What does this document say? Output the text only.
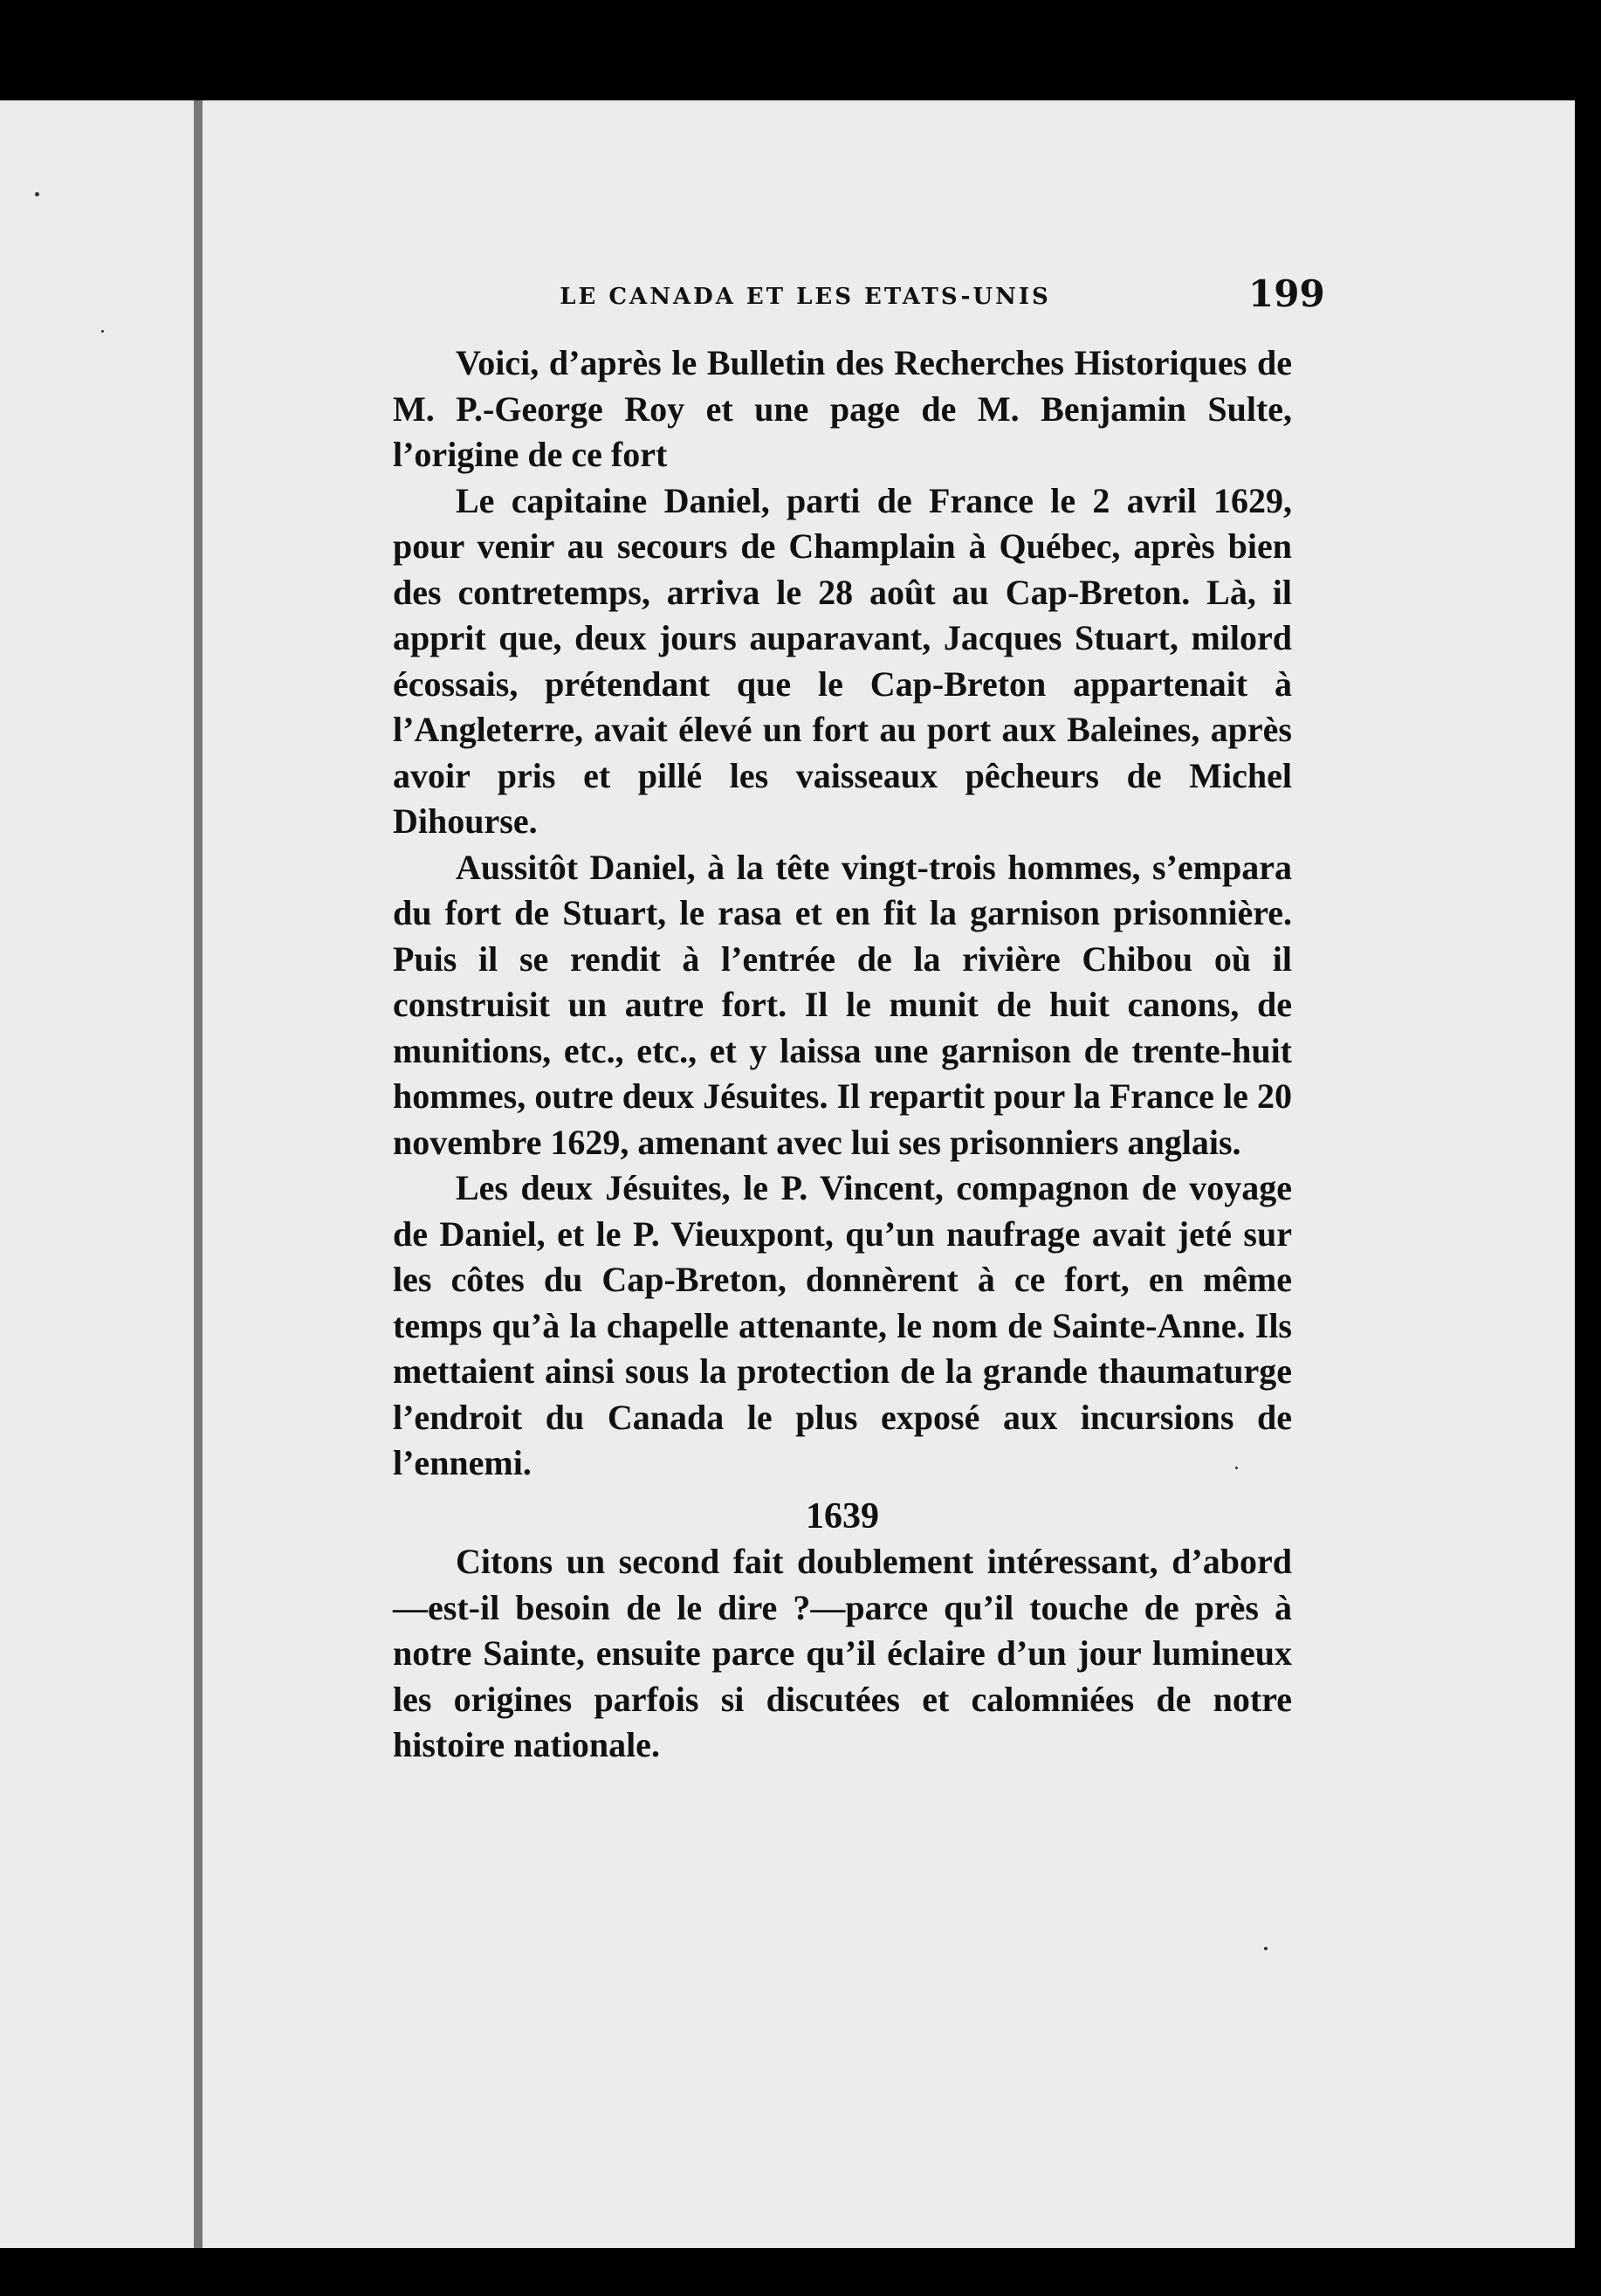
LE CANADA ET LES ETATS-UNIS	199

Voici, d’après le Bulletin des Recherches Historiques de M. P.-George Roy et une page de M. Benjamin Sulte, l’origine de ce fort

Le capitaine Daniel, parti de France le 2 avril 1629, pour venir au secours de Champlain à Québec, après bien des contretemps, arriva le 28 août au Cap-Breton. Là, il apprit que, deux jours auparavant, Jacques Stuart, milord écossais, prétendant que le Cap-Breton appartenait à l’Angleterre, avait élevé un fort au port aux Baleines, après avoir pris et pillé les vaisseaux pêcheurs de Michel Dihourse.

Aussitôt Daniel, à la tête vingt-trois hommes, s’empara du fort de Stuart, le rasa et en fit la garnison prisonnière. Puis il se rendit à l’entrée de la rivière Chibou où il construisit un autre fort. Il le munit de huit canons, de munitions, etc., etc., et y laissa une garnison de trente-huit hommes, outre deux Jésuites. Il repartit pour la France le 20 novembre 1629, amenant avec lui ses prisonniers anglais.

Les deux Jésuites, le P. Vincent, compagnon de voyage de Daniel, et le P. Vieuxpont, qu’un naufrage avait jeté sur les côtes du Cap-Breton, donnèrent à ce fort, en même temps qu’à la chapelle attenante, le nom de Sainte-Anne. Ils mettaient ainsi sous la protection de la grande thaumaturge l’endroit du Canada le plus exposé aux incursions de l’ennemi.

1639

Citons un second fait doublement intéressant, d’abord—est-il besoin de le dire ?—parce qu’il touche de près à notre Sainte, ensuite parce qu’il éclaire d’un jour lumineux les origines parfois si discutées et calomniées de notre histoire nationale.
